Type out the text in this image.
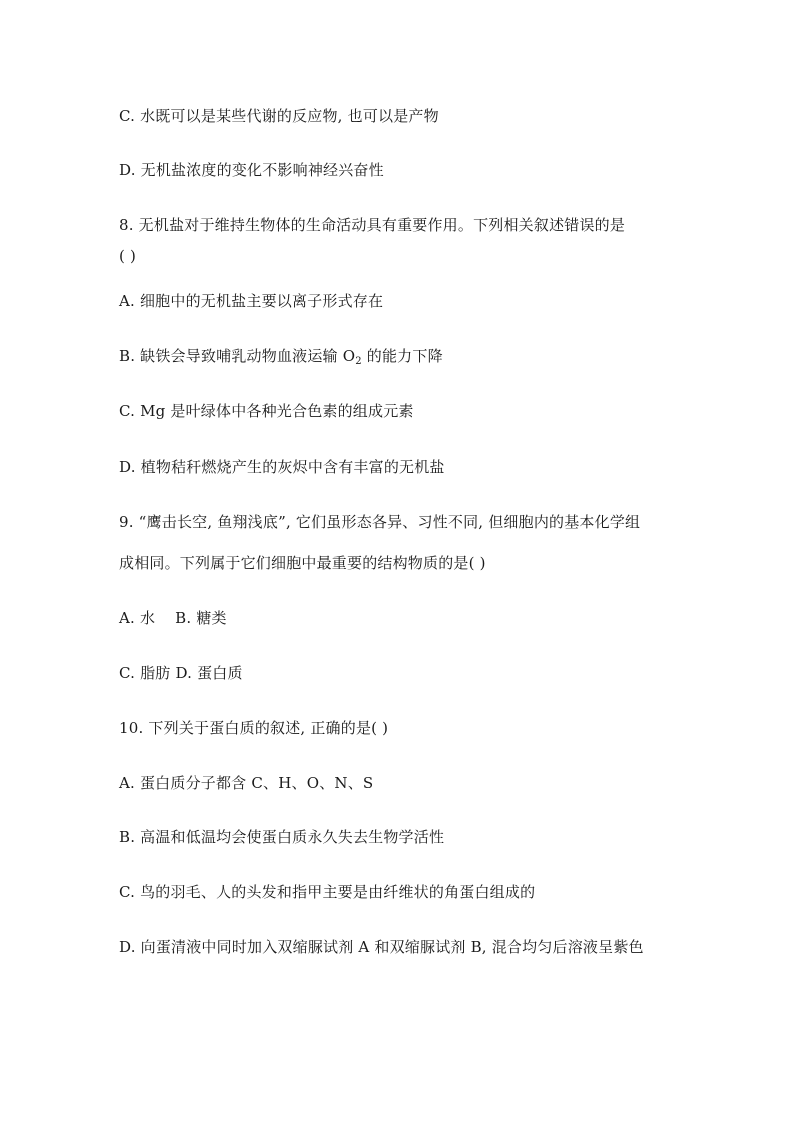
C. 水既可以是某些代谢的反应物, 也可以是产物
D. 无机盐浓度的变化不影响神经兴奋性
8. 无机盐对于维持生物体的生命活动具有重要作用。下列相关叙述错误的是
( )
A. 细胞中的无机盐主要以离子形式存在
B. 缺铁会导致哺乳动物血液运输 $O_2$ 的能力下降
C. Mg 是叶绿体中各种光合色素的组成元素
D. 植物秸秆燃烧产生的灰烬中含有丰富的无机盐
9. “鹰击长空, 鱼翔浅底”, 它们虽形态各异、习性不同, 但细胞内的基本化学组
成相同。下列属于它们细胞中最重要的结构物质的是( )
A. 水 B. 糖类
C. 脂肪 D. 蛋白质
10. 下列关于蛋白质的叙述, 正确的是( )
A. 蛋白质分子都含 C、H、O、N、S
B. 高温和低温均会使蛋白质永久失去生物学活性
C. 鸟的羽毛、人的头发和指甲主要是由纤维状的角蛋白组成的
D. 向蛋清液中同时加入双缩脲试剂 A 和双缩脲试剂 B, 混合均匀后溶液呈紫色
